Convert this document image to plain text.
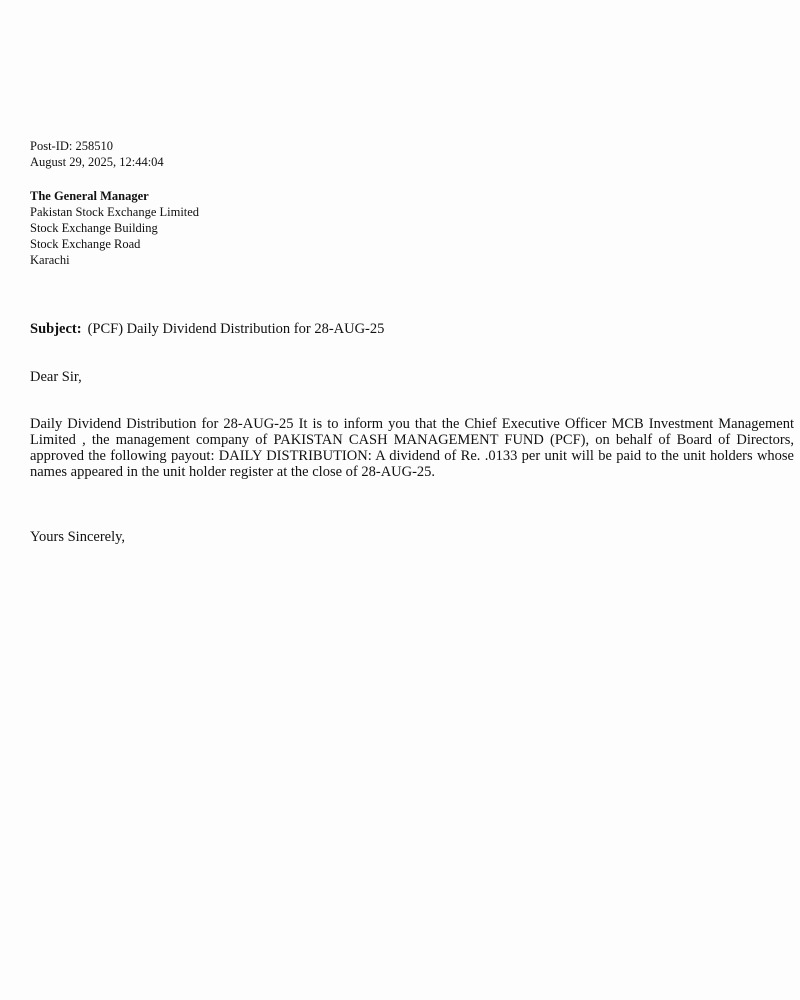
Post-ID: 258510
August 29, 2025, 12:44:04
The General Manager
Pakistan Stock Exchange Limited
Stock Exchange Building
Stock Exchange Road
Karachi
Subject: (PCF) Daily Dividend Distribution for 28-AUG-25
Dear Sir,
Daily Dividend Distribution for 28-AUG-25 It is to inform you that the Chief Executive Officer MCB Investment Management Limited , the management company of PAKISTAN CASH MANAGEMENT FUND (PCF), on behalf of Board of Directors, approved the following payout: DAILY DISTRIBUTION: A dividend of Re. .0133 per unit will be paid to the unit holders whose names appeared in the unit holder register at the close of 28-AUG-25.
Yours Sincerely,
